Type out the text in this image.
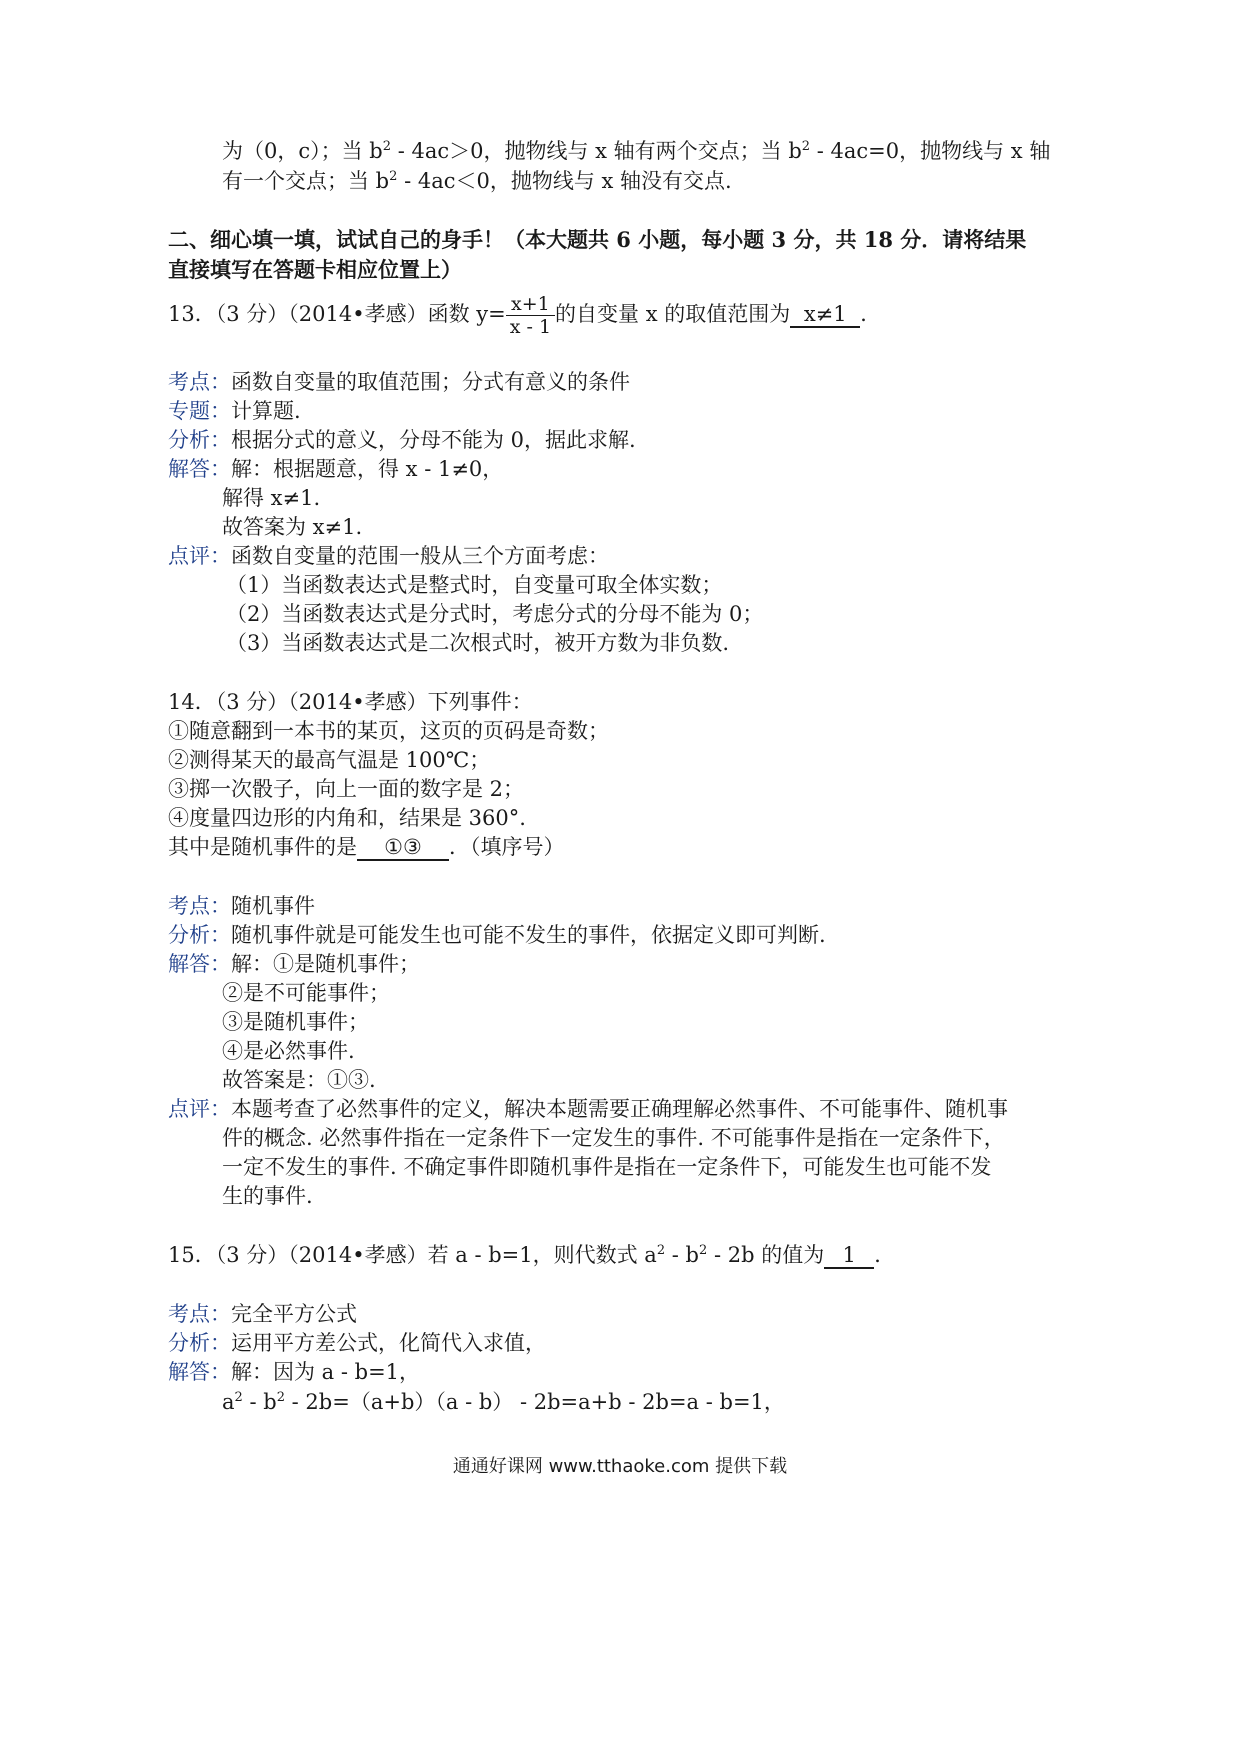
为（0，c）；当 $b^2 - 4ac>0$，抛物线与 x 轴有两个交点；当 $b^2 - 4ac=0$，抛物线与 x 轴
有一个交点；当 $b^2 - 4ac<0$，抛物线与 x 轴没有交点.
二、细心填一填，试试自己的身手！（本大题共 6 小题，每小题 3 分，共 18 分．请将结果
直接填写在答题卡相应位置上）
13．（3 分）（2014•孝感）函数 $y= \frac{x+1}{x - 1}$ 的自变量 x 的取值范围为 x≠1 ．
考点：函数自变量的取值范围；分式有意义的条件
专题：计算题.
分析：根据分式的意义，分母不能为 0，据此求解.
解答：解：根据题意，得 x - 1≠0，
解得 x≠1.
故答案为 x≠1.
点评：函数自变量的范围一般从三个方面考虑：
（1）当函数表达式是整式时，自变量可取全体实数；
（2）当函数表达式是分式时，考虑分式的分母不能为 0；
（3）当函数表达式是二次根式时，被开方数为非负数.
14．（3 分）（2014•孝感）下列事件：
①随意翻到一本书的某页，这页的页码是奇数；
②测得某天的最高气温是 100℃；
③掷一次骰子，向上一面的数字是 2；
④度量四边形的内角和，结果是 360°.
其中是随机事件的是 ①③ ．（填序号）
考点：随机事件
分析：随机事件就是可能发生也可能不发生的事件，依据定义即可判断.
解答：解：①是随机事件；
②是不可能事件；
③是随机事件；
④是必然事件.
故答案是：①③.
点评：本题考查了必然事件的定义，解决本题需要正确理解必然事件、不可能事件、随机事
件的概念. 必然事件指在一定条件下一定发生的事件. 不可能事件是指在一定条件下，
一定不发生的事件. 不确定事件即随机事件是指在一定条件下，可能发生也可能不发
生的事件.
15．（3 分）（2014•孝感）若 a - b=1，则代数式 $a^2 - b^2 - 2b$ 的值为 1 ．
考点：完全平方公式
分析：运用平方差公式，化简代入求值，
解答：解：因为 a - b=1，
$a^2 - b^2 - 2b=(a+b)(a - b) - 2b=a+b - 2b=a - b=1$，
通通好课网 www.tthaoke.com 提供下载
